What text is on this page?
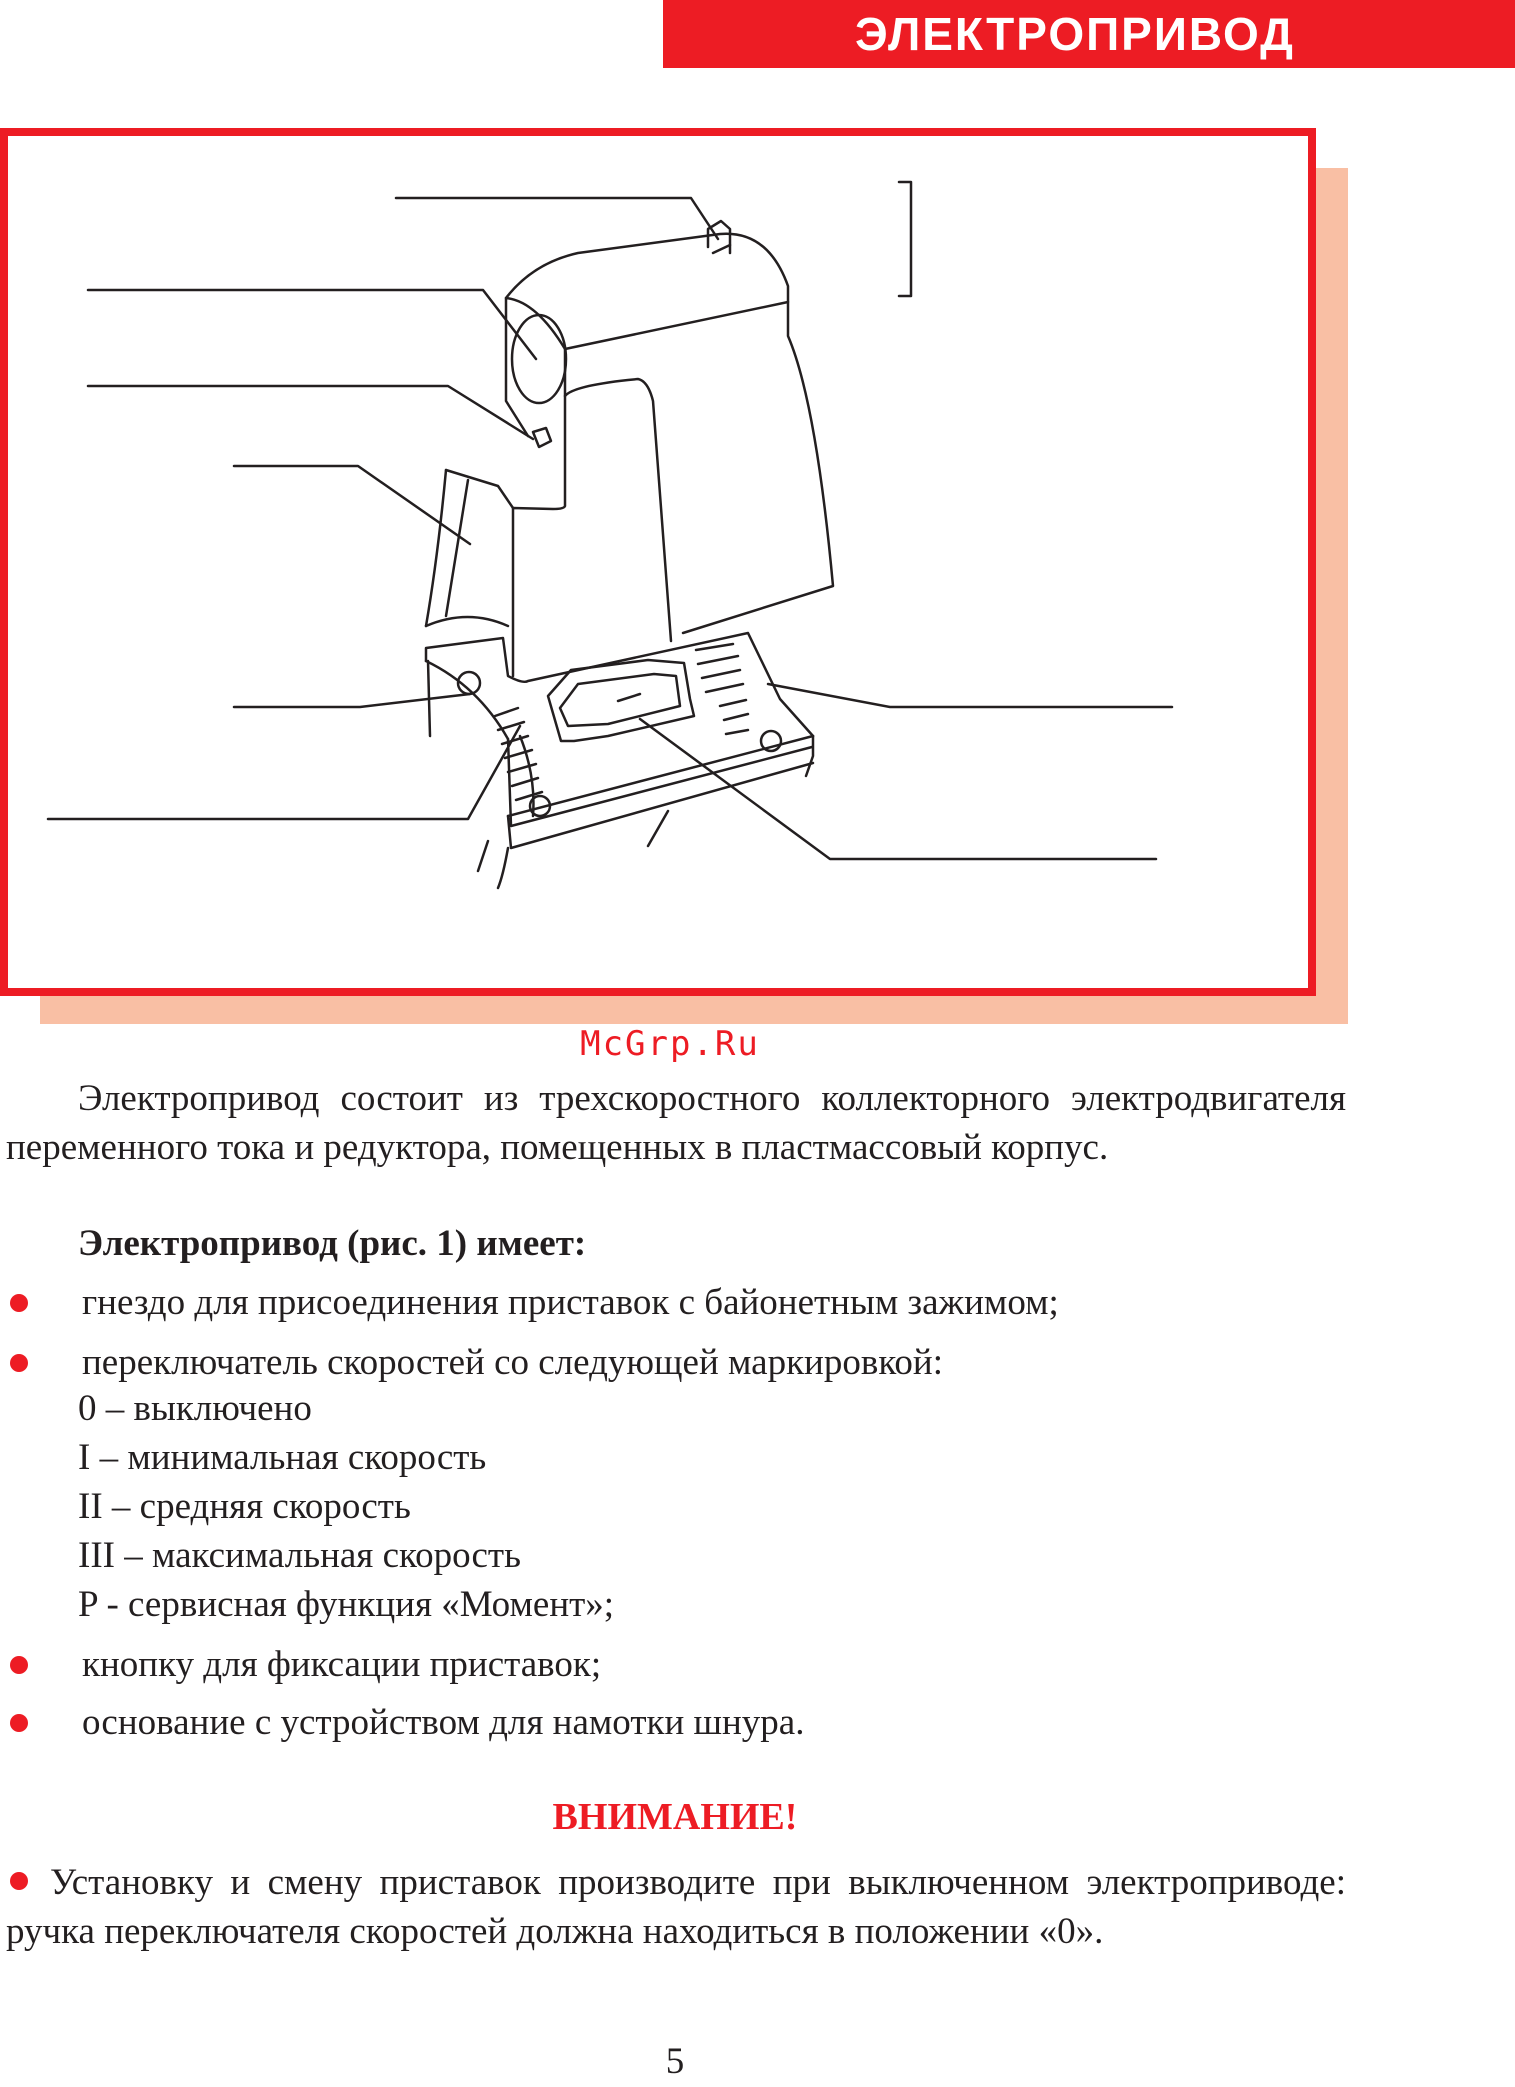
ЭЛЕКТРОПРИВОД
McGrp.Ru

Электропривод состоит из трехскоростного коллекторного электродвигателя переменного тока и редуктора, помещенных в пластмассовый корпус.

Электропривод (рис. 1) имеет:

гнездо для присоединения приставок с байонетным зажимом;
переключатель скоростей со следующей маркировкой:
0 – выключено
I – минимальная скорость
II – средняя скорость
III – максимальная скорость
P - сервисная функция «Момент»;
кнопку для фиксации приставок;
основание с устройством для намотки шнура.

ВНИМАНИЕ!

Установку и смену приставок производите при выключенном электроприводе: ручка переключателя скоростей должна находиться в положении «0».

5
